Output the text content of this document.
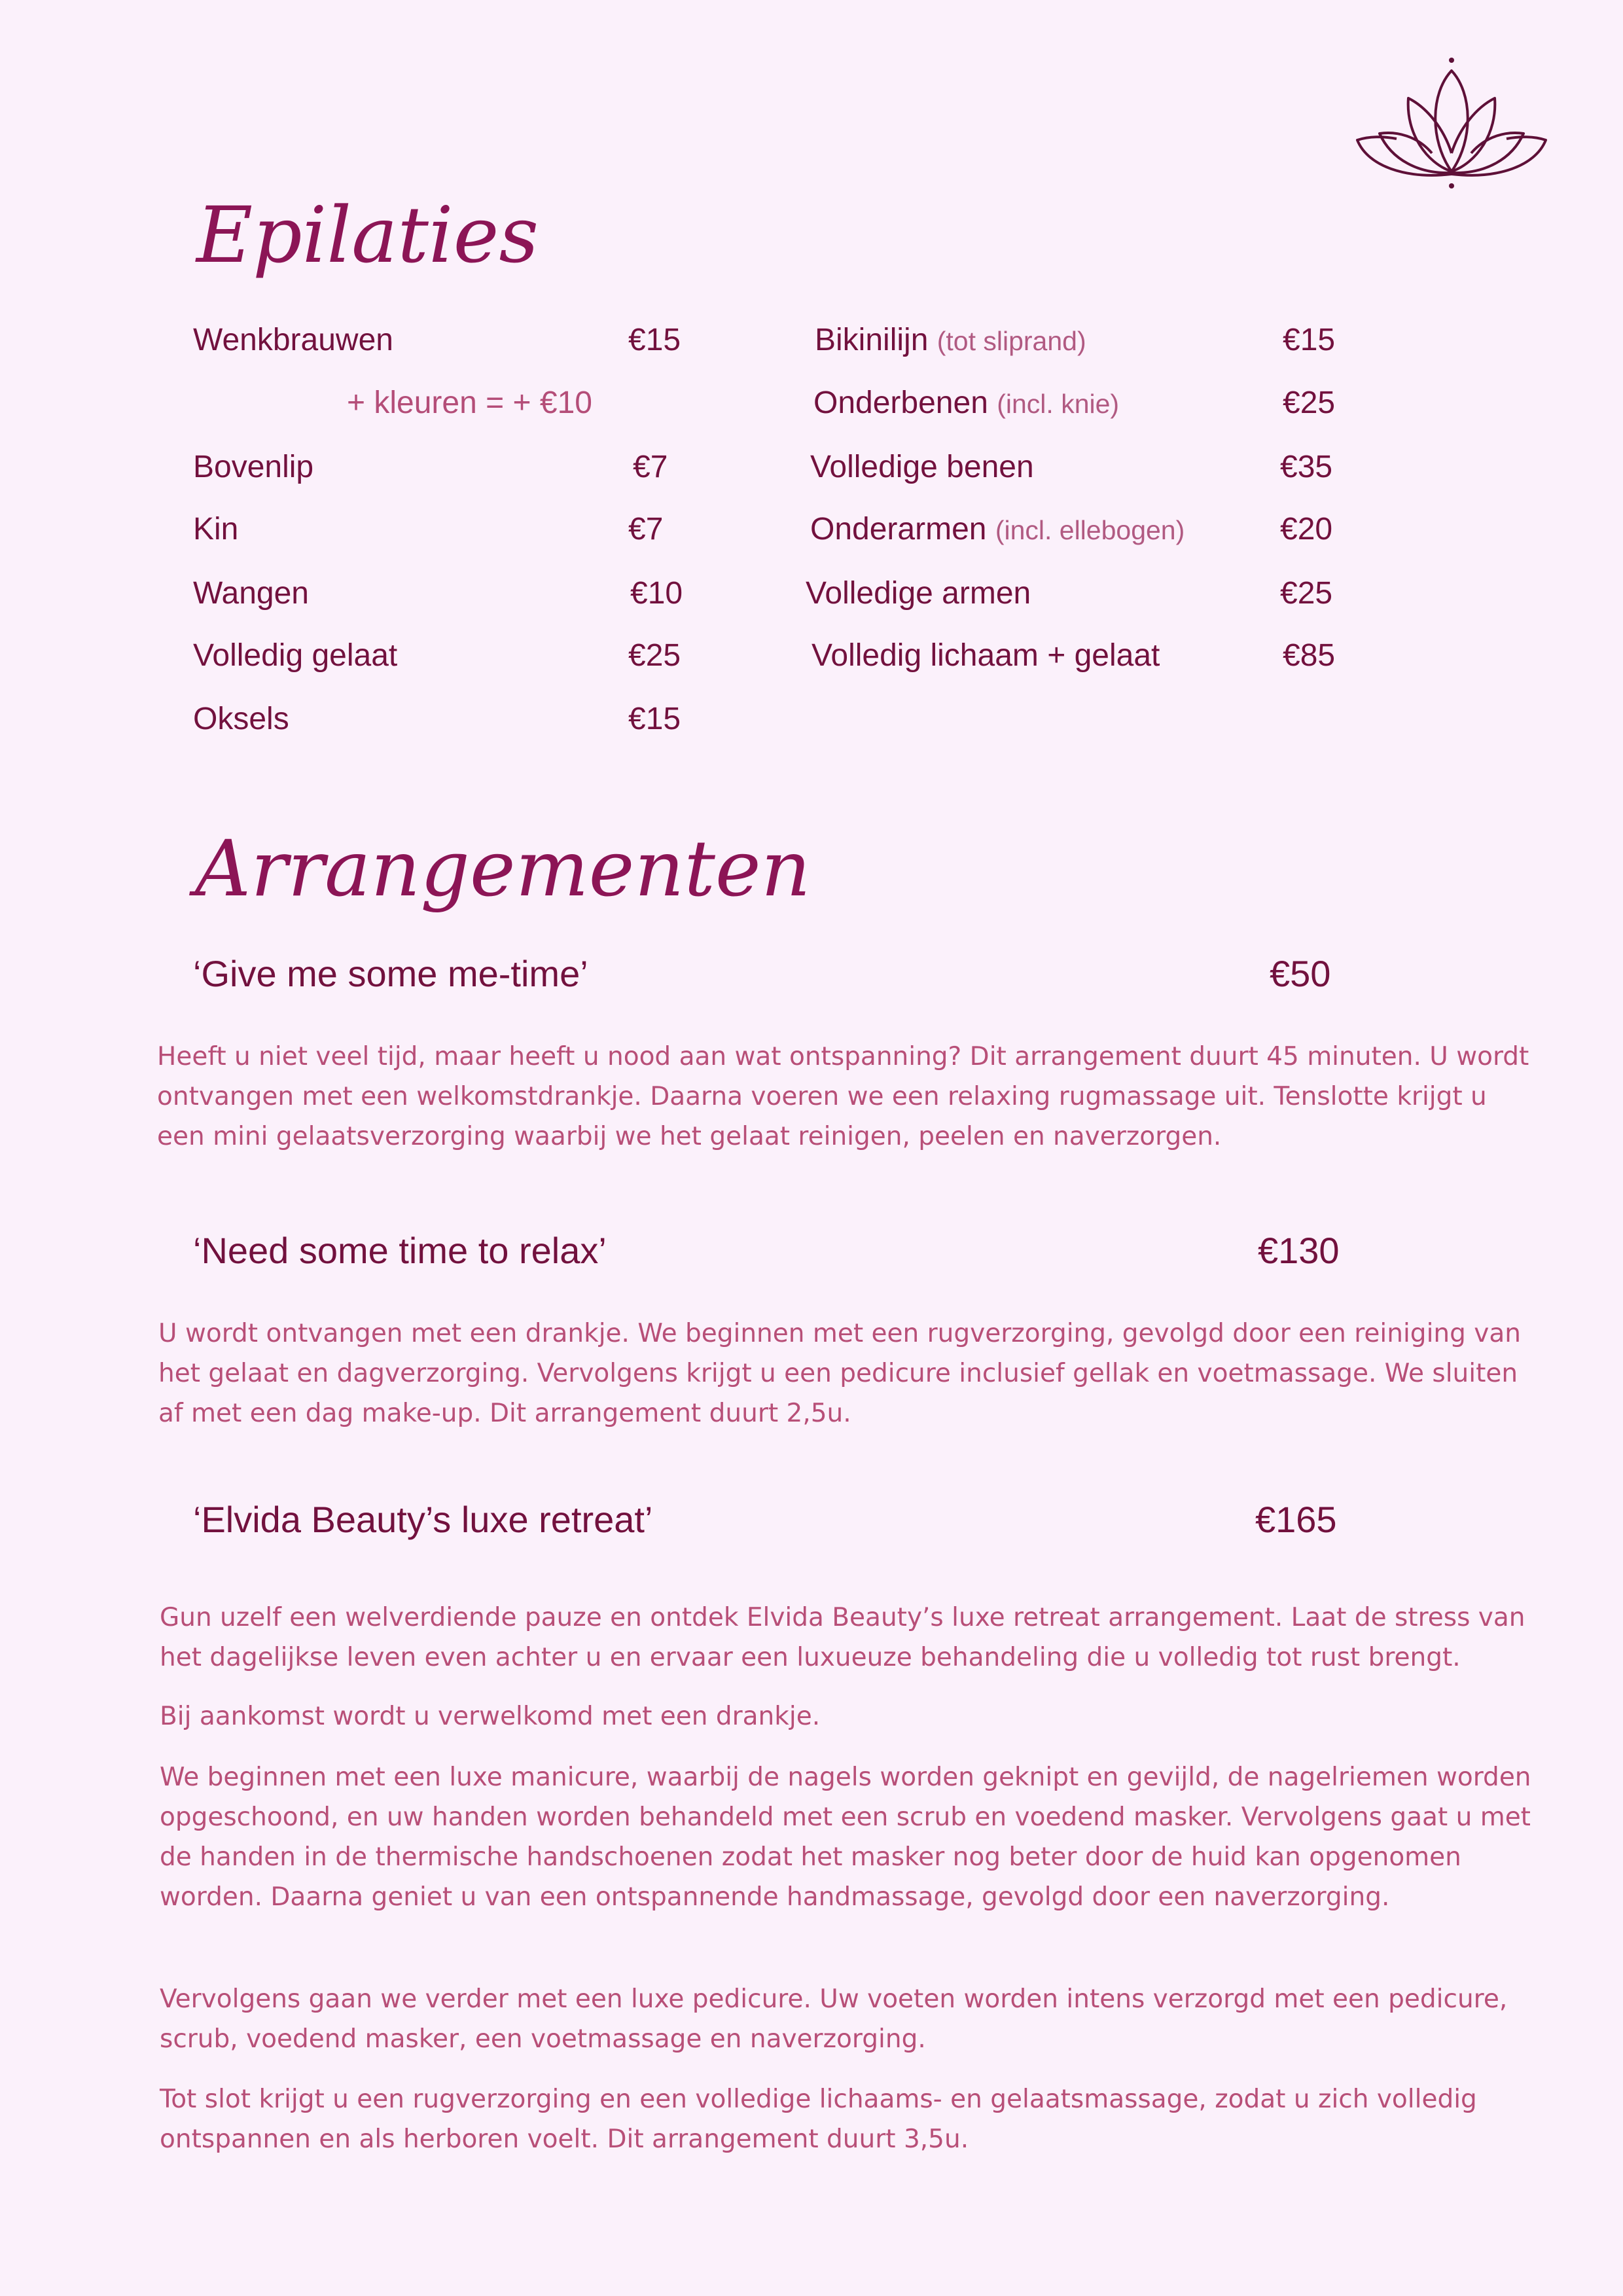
Epilaties
Wenkbrauwen	€15
+ kleuren = + €10
Bovenlip	€7
Kin	€7
Wangen	€10
Volledig gelaat	€25
Oksels	€15
Bikinilijn (tot sliprand)	€15
Onderbenen (incl. knie)	€25
Volledige benen	€35
Onderarmen (incl. ellebogen)	€20
Volledige armen	€25
Volledig lichaam + gelaat	€85
Arrangementen
‘Give me some me-time’	€50

Heeft u niet veel tijd, maar heeft u nood aan wat ontspanning? Dit arrangement duurt 45 minuten. U wordt ontvangen met een welkomstdrankje. Daarna voeren we een relaxing rugmassage uit. Tenslotte krijgt u een mini gelaatsverzorging waarbij we het gelaat reinigen, peelen en naverzorgen.

‘Need some time to relax’	€130

U wordt ontvangen met een drankje. We beginnen met een rugverzorging, gevolgd door een reiniging van het gelaat en dagverzorging. Vervolgens krijgt u een pedicure inclusief gellak en voetmassage. We sluiten af met een dag make-up. Dit arrangement duurt 2,5u.

‘Elvida Beauty’s luxe retreat’	€165

Gun uzelf een welverdiende pauze en ontdek Elvida Beauty’s luxe retreat arrangement. Laat de stress van het dagelijkse leven even achter u en ervaar een luxueuze behandeling die u volledig tot rust brengt.

Bij aankomst wordt u verwelkomd met een drankje.

We beginnen met een luxe manicure, waarbij de nagels worden geknipt en gevijld, de nagelriemen worden opgeschoond, en uw handen worden behandeld met een scrub en voedend masker. Vervolgens gaat u met de handen in de thermische handschoenen zodat het masker nog beter door de huid kan opgenomen worden. Daarna geniet u van een ontspannende handmassage, gevolgd door een naverzorging.

Vervolgens gaan we verder met een luxe pedicure. Uw voeten worden intens verzorgd met een pedicure, scrub, voedend masker, een voetmassage en naverzorging.

Tot slot krijgt u een rugverzorging en een volledige lichaams- en gelaatsmassage, zodat u zich volledig ontspannen en als herboren voelt. Dit arrangement duurt 3,5u.
